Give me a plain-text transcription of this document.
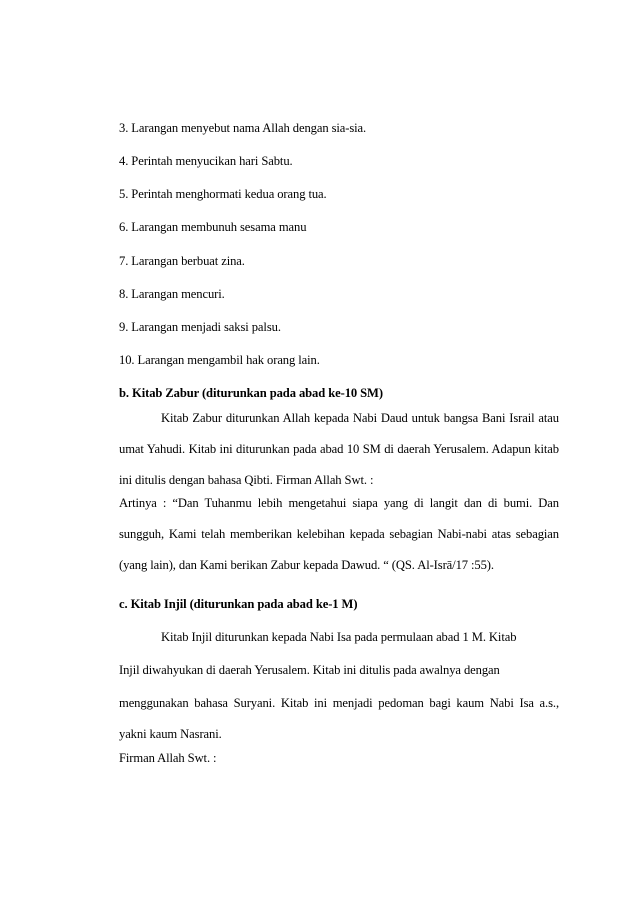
3. Larangan menyebut nama Allah dengan sia-sia.
4. Perintah menyucikan hari Sabtu.
5. Perintah menghormati kedua orang tua.
6. Larangan membunuh sesama manu
7. Larangan berbuat zina.
8. Larangan mencuri.
9. Larangan menjadi saksi palsu.
10. Larangan mengambil hak orang lain.
b. Kitab Zabur (diturunkan pada abad ke-10 SM)
Kitab Zabur diturunkan Allah kepada Nabi Daud untuk bangsa Bani Israil atau umat Yahudi. Kitab ini diturunkan pada abad 10 SM di daerah Yerusalem. Adapun kitab ini ditulis dengan bahasa Qibti. Firman Allah Swt. :
Artinya : “Dan Tuhanmu lebih mengetahui siapa yang di langit dan di bumi. Dan sungguh, Kami telah memberikan kelebihan kepada sebagian Nabi-nabi atas sebagian (yang lain), dan Kami berikan Zabur kepada Dawud. “ (QS. Al-Isrā/17 :55).
c. Kitab Injil (diturunkan pada abad ke-1 M)
Kitab Injil diturunkan kepada Nabi Isa pada permulaan abad 1 M. Kitab
Injil diwahyukan di daerah Yerusalem. Kitab ini ditulis pada awalnya dengan
menggunakan bahasa Suryani. Kitab ini menjadi pedoman bagi kaum Nabi Isa a.s., yakni kaum Nasrani.
Firman Allah Swt. :
